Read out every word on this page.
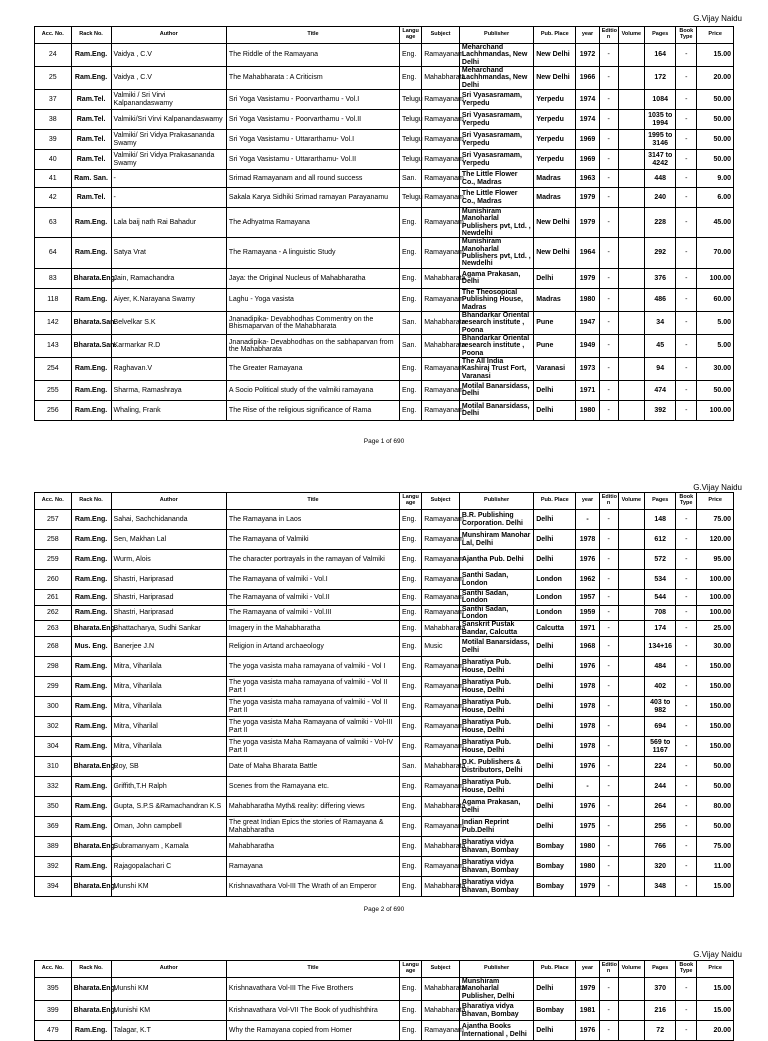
G.Vijay Naidu
Acc. No.	Rack No.	Author	Title	Langu age	Subject	Publisher	Pub. Place	year	Editio n	Volume	Pages	Book Type	Price
24	Ram.Eng.	Vaidya , C.V	The Riddle of the Ramayana	Eng.	Ramayanam	Meharchand Lachhmandas, New Delhi	New Delhi	1972	-		164	-	15.00
25	Ram.Eng.	Vaidya , C.V	The Mahabharata : A Criticism	Eng.	Mahabharata	Meharchand Lachhmandas, New Delhi	New Delhi	1966	-		172	-	20.00
37	Ram.Tel.	Valmiki / Sri Virvi Kalpanandaswamy	Sri Yoga Vasistamu - Poorvarthamu - Vol.I	Telugu	Ramayanam	Sri Vyasasramam, Yerpedu	Yerpedu	1974	-		1084	-	50.00
38	Ram.Tel.	Valmiki/Sri Virvi Kalpanandaswamy	Sri Yoga Vasistamu - Poorvarthamu - Vol.II	Telugu	Ramayanam	Sri Vyasasramam, Yerpedu	Yerpedu	1974	-		1035 to 1994	-	50.00
39	Ram.Tel.	Valmiki/ Sri Vidya Prakasananda Swamy	Sri Yoga Vasistamu - Uttararthamu- Vol.I	Telugu	Ramayanam	Sri Vyasasramam, Yerpedu	Yerpedu	1969	-		1995 to 3146	-	50.00
40	Ram.Tel.	Valmiki/ Sri Vidya Prakasananda Swamy	Sri Yoga Vasistamu - Uttararthamu- Vol.II	Telugu	Ramayanam	Sri Vyasasramam, Yerpedu	Yerpedu	1969	-		3147 to 4242	-	50.00
41	Ram. San.	-	Srimad Ramayanam and all round success	San.	Ramayanam	The Little Flower Co., Madras	Madras	1963	-		448	-	9.00
42	Ram.Tel.	-	Sakala Karya Sidhiki Srimad ramayan Parayanamu	Telugu	Ramayanam	The Little Flower Co., Madras	Madras	1979	-		240	-	6.00
63	Ram.Eng.	Lala baij nath Rai Bahadur	The Adhyatma Ramayana	Eng.	Ramayanam	Munishiram Manoharlal Publishers pvt, Ltd. , Newdelhi	New Delhi	1979	-		228	-	45.00
64	Ram.Eng.	Satya Vrat	The Ramayana - A linguistic Study	Eng.	Ramayanam	Munishiram Manoharlal Publishers pvt, Ltd. , Newdelhi	New Delhi	1964	-		292	-	70.00
83	Bharata.Eng.	Jain, Ramachandra	Jaya: the Original Nucleus of Mahabharatha	Eng.	Mahabharata	Agama Prakasan, Delhi	Delhi	1979	-		376	-	100.00
118	Ram.Eng.	Aiyer, K.Narayana Swamy	Laghu - Yoga vasista	Eng.	Ramayanam	The Theosopical Publishing House, Madras	Madras	1980	-		486	-	60.00
142	Bharata.San.	Belvelkar S.K	Jnanadipika- Devabhodhas Commentry on the Bhismaparvan of the Mahabharata	San.	Mahabharata	Bhandarkar Oriental research institute , Poona	Pune	1947	-		34	-	5.00
143	Bharata.San.	Karmarkar R.D	Jnanadipika- Devabhodhas on the sabhaparvan from the Mahabharata	San.	Mahabharata	Bhandarkar Oriental research institute , Poona	Pune	1949	-		45	-	5.00
254	Ram.Eng.	Raghavan.V	The Greater Ramayana	Eng.	Ramayanam	The All India Kashiraj Trust Fort, Varanasi	Varanasi	1973	-		94	-	30.00
255	Ram.Eng.	Sharma, Ramashraya	A Socio Political study of the valmiki ramayana	Eng.	Ramayanam	Motilal Banarsidass, Delhi	Delhi	1971	-		474	-	50.00
256	Ram.Eng.	Whaling, Frank	The Rise of the religious significance of Rama	Eng.	Ramayanam	Motilal Banarsidass, Delhi	Delhi	1980	-		392	-	100.00
Page 1 of 690
G.Vijay Naidu
Acc. No.	Rack No.	Author	Title	Langu age	Subject	Publisher	Pub. Place	year	Editio n	Volume	Pages	Book Type	Price
257	Ram.Eng.	Sahai, Sachchidananda	The Ramayana in Laos	Eng.	Ramayanam	B.R. Publishing Corporation. Delhi	Delhi	-	-		148	-	75.00
258	Ram.Eng.	Sen, Makhan Lal	The Ramayana of Valmiki	Eng.	Ramayanam	Munshiram Manohar Lal, Delhi	Delhi	1978	-		612	-	120.00
259	Ram.Eng.	Wurm, Alois	The character portrayals in the ramayan of Valmiki	Eng.	Ramayanam	Ajantha Pub. Delhi	Delhi	1976	-		572	-	95.00
260	Ram.Eng.	Shastri, Hariprasad	The Ramayana of valmiki - Vol.I	Eng.	Ramayanam	Santhi Sadan, London	London	1962	-		534	-	100.00
261	Ram.Eng.	Shastri, Hariprasad	The Ramayana of valmiki - Vol.II	Eng.	Ramayanam	Santhi Sadan, London	London	1957	-		544	-	100.00
262	Ram.Eng.	Shastri, Hariprasad	The Ramayana of valmiki - Vol.III	Eng.	Ramayanam	Santhi Sadan, London	London	1959	-		708	-	100.00
263	Bharata.Eng.	Bhattacharya, Sudhi Sankar	Imagery in the Mahabharatha	Eng.	Mahabharata	Sanskrit Pustak Bandar, Calcutta	Calcutta	1971	-		174	-	25.00
268	Mus. Eng.	Banerjee J.N	Religion in Artand archaeology	Eng.	Music	Motilal Banarsidass, Delhi	Delhi	1968	-		134+16	-	30.00
298	Ram.Eng.	Mitra, Viharilala	The yoga vasista maha ramayana of valmiki - Vol I	Eng.	Ramayanam	Bharatiya Pub. House, Delhi	Delhi	1976	-		484	-	150.00
299	Ram.Eng.	Mitra, Viharilala	The yoga vasista maha ramayana of valmiki - Vol II Part I	Eng.	Ramayanam	Bharatiya Pub. House, Delhi	Delhi	1978	-		402	-	150.00
300	Ram.Eng.	Mitra, Viharilala	The yoga vasista maha ramayana of valmiki - Vol II Part II	Eng.	Ramayanam	Bharatiya Pub. House, Delhi	Delhi	1978	-		403 to 982	-	150.00
302	Ram.Eng.	Mitra, Viharilal	The yoga vasista Maha Ramayana of valmiki - Vol-III Part II	Eng.	Ramayanam	Bharatiya Pub. House, Delhi	Delhi	1978	-		694	-	150.00
304	Ram.Eng.	Mitra, Viharilala	The yoga vasista Maha Ramayana of valmiki - Vol-IV Part II	Eng.	Ramayanam	Bharatiya Pub. House, Delhi	Delhi	1978	-		569 to 1167	-	150.00
310	Bharata.Eng.	Roy, SB	Date of Maha Bharata Battle	San.	Mahabharata	D.K. Publishers & Distributors, Delhi	Delhi	1976	-		224	-	50.00
332	Ram.Eng.	Griffith,T.H Ralph	Scenes from the Ramayana etc.	Eng.	Ramayanam	Bharatiya Pub. House, Delhi	Delhi	-	-		244	-	50.00
350	Ram.Eng.	Gupta, S.P.S &Ramachandran K.S	Mahabharatha Myth& reality: differing views	Eng.	Mahabharata	Agama Prakasan, Delhi	Delhi	1976	-		264	-	80.00
369	Ram.Eng.	Oman, John campbell	The great Indian Epics the stories of Ramayana & Mahabharatha	Eng.	Ramayanam	Indian Reprint Pub.Delhi	Delhi	1975	-		256	-	50.00
389	Bharata.Eng.	Subramanyam , Kamala	Mahabharatha	Eng.	Mahabharata	Bharatiya vidya Bhavan, Bombay	Bombay	1980	-		766	-	75.00
392	Ram.Eng.	Rajagopalachari C	Ramayana	Eng.	Ramayanam	Bharatiya vidya Bhavan, Bombay	Bombay	1980	-		320	-	11.00
394	Bharata.Eng.	Munshi KM	Krishnavathara Vol-III The Wrath of an Emperor	Eng.	Mahabharata	Bharatiya vidya Bhavan, Bombay	Bombay	1979	-		348	-	15.00
Page 2 of 690
G.Vijay Naidu
Acc. No.	Rack No.	Author	Title	Langu age	Subject	Publisher	Pub. Place	year	Editio n	Volume	Pages	Book Type	Price
395	Bharata.Eng.	Munshi KM	Krishnavathara Vol-III The Five Brothers	Eng.	Mahabharata	Munshiram Manoharlal Publisher, Delhi	Delhi	1979	-		370	-	15.00
399	Bharata.Eng.	Munishi KM	Krishnavathara Vol-VII The Book of yudhishthira	Eng.	Mahabharata	Bharatiya vidya Bhavan, Bombay	Bombay	1981	-		216	-	15.00
479	Ram.Eng.	Talagar, K.T	Why the Ramayana copied from Homer	Eng.	Ramayanam	Ajantha Books International , Delhi	Delhi	1976	-		72	-	20.00
